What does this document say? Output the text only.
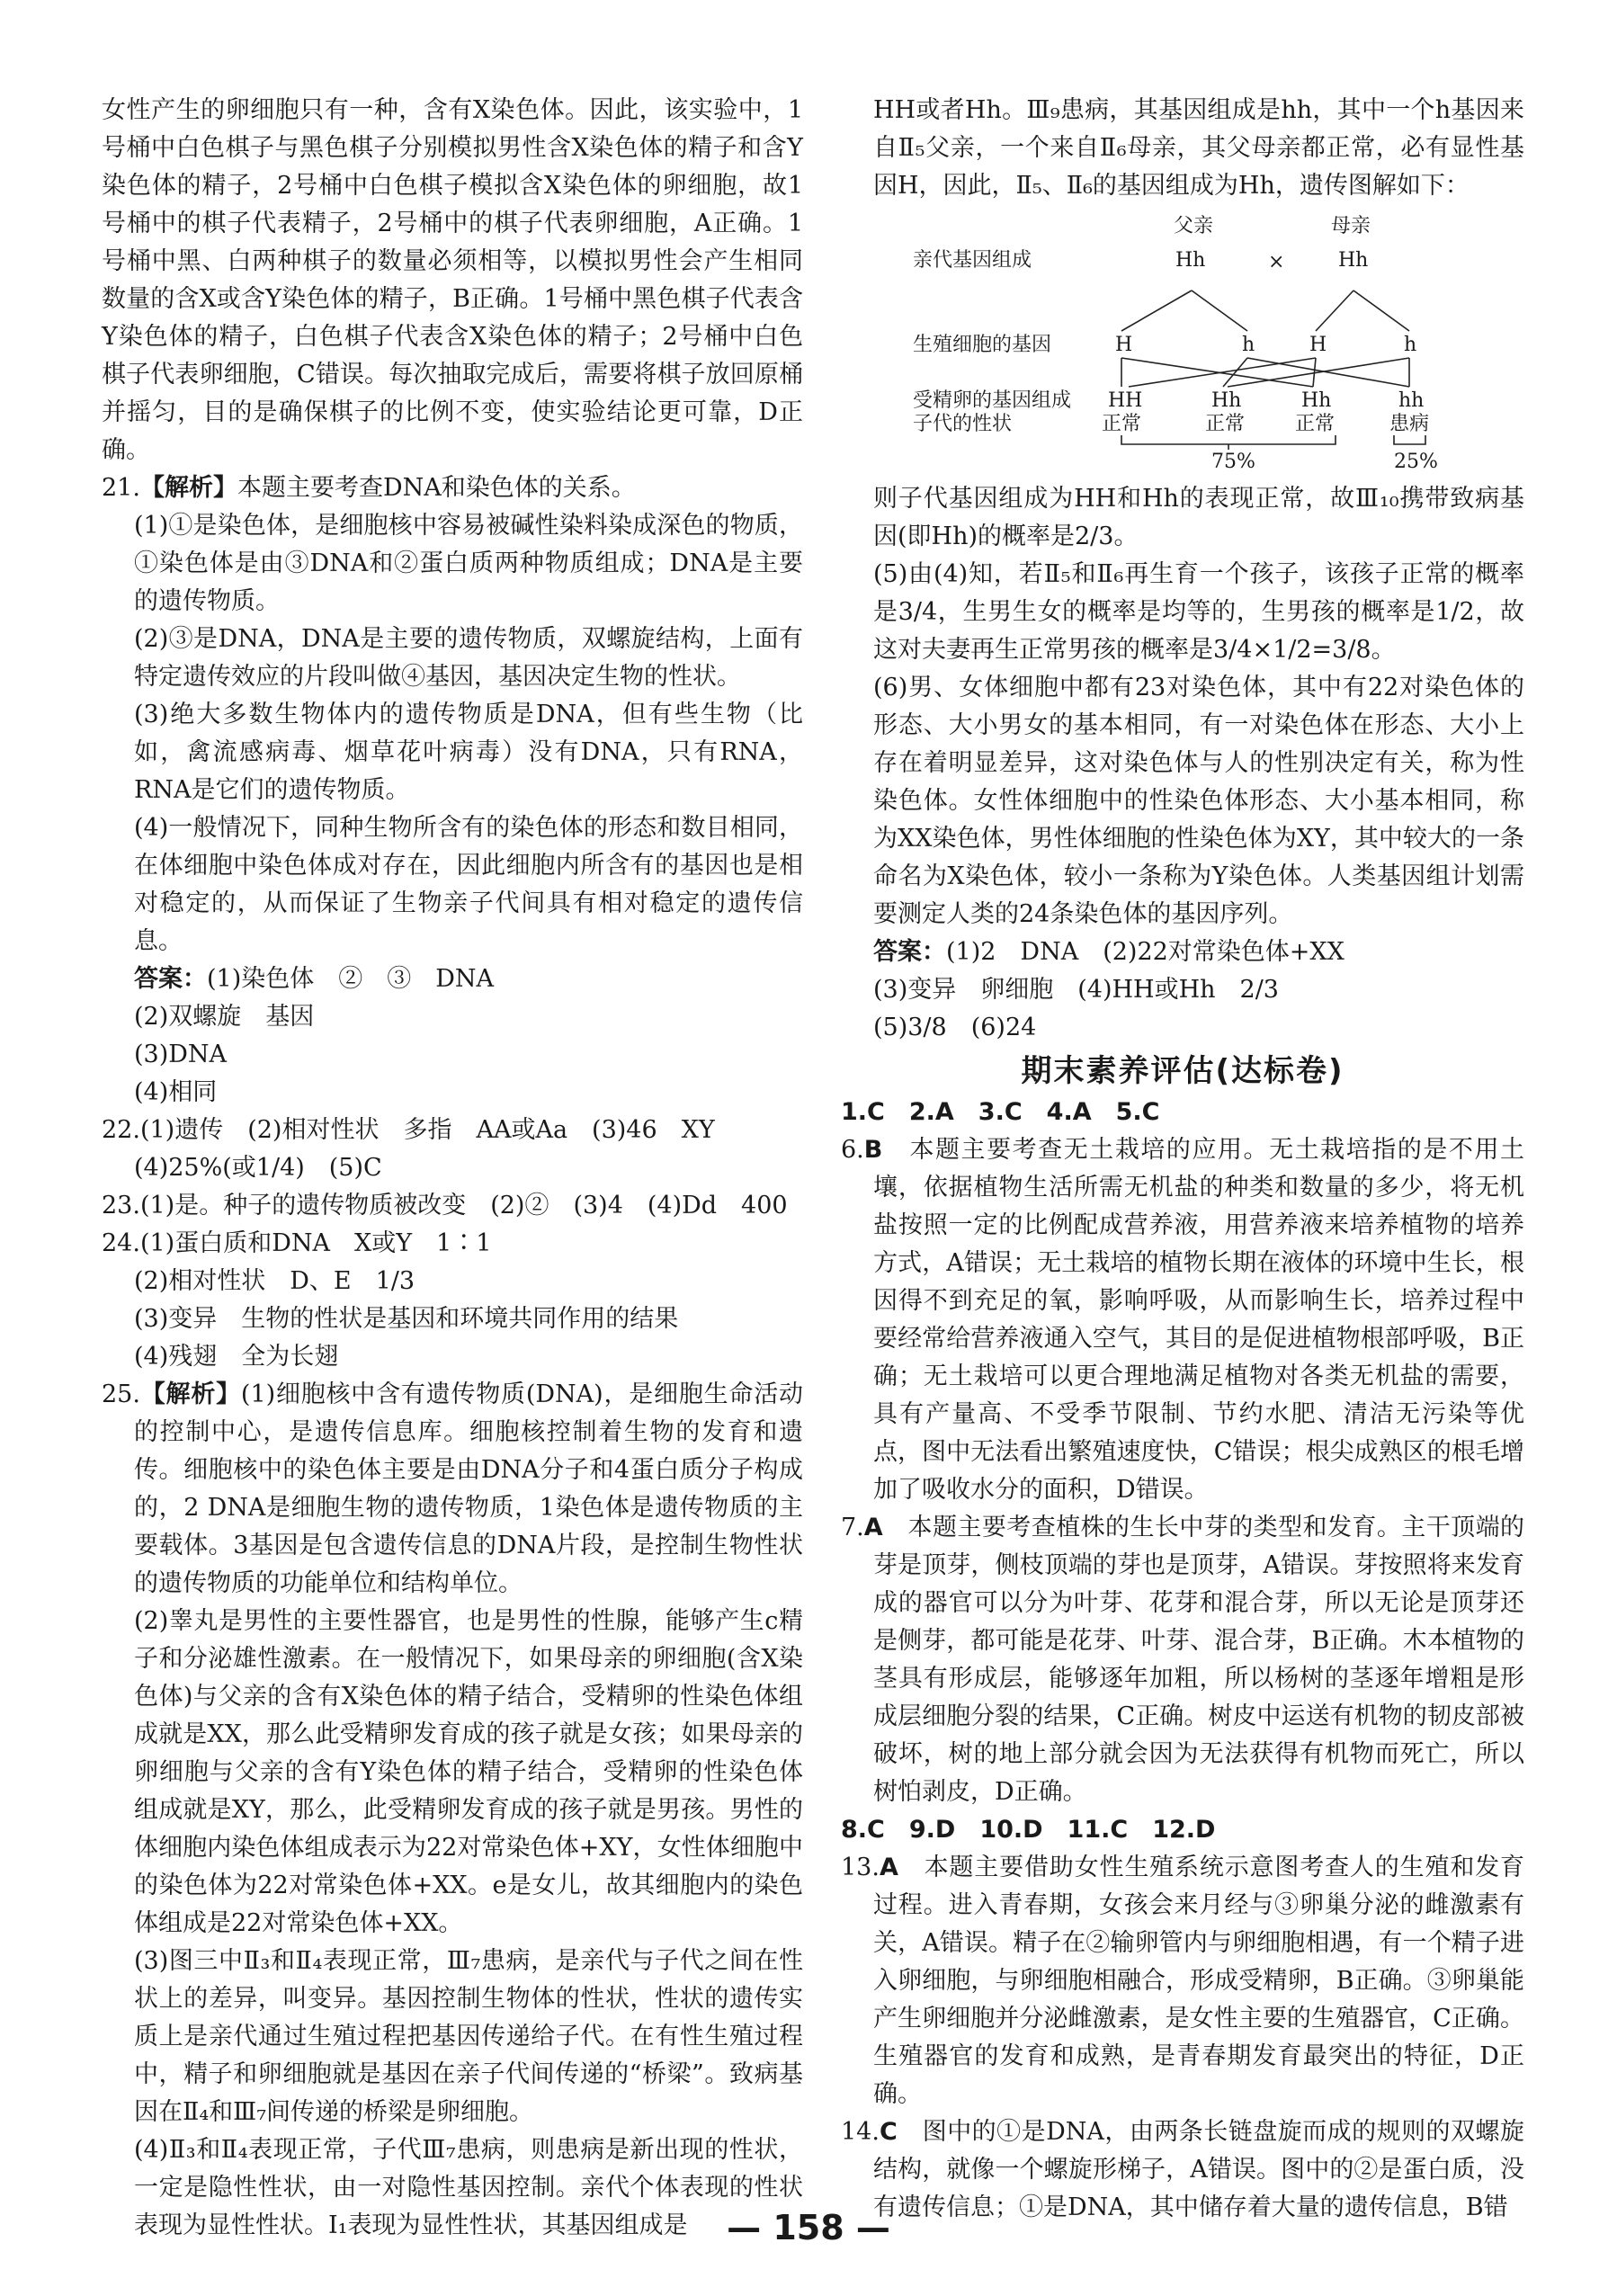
女性产生的卵细胞只有一种，含有X染色体。因此，该实验中，1号桶中白色棋子与黑色棋子分别模拟男性含X染色体的精子和含Y染色体的精子，2号桶中白色棋子模拟含X染色体的卵细胞，故1号桶中的棋子代表精子，2号桶中的棋子代表卵细胞，A正确。1号桶中黑、白两种棋子的数量必须相等，以模拟男性会产生相同数量的含X或含Y染色体的精子，B正确。1号桶中黑色棋子代表含Y染色体的精子，白色棋子代表含X染色体的精子；2号桶中白色棋子代表卵细胞，C错误。每次抽取完成后，需要将棋子放回原桶并摇匀，目的是确保棋子的比例不变，使实验结论更可靠，D正确。

21.【解析】本题主要考查DNA和染色体的关系。

(1)①是染色体，是细胞核中容易被碱性染料染成深色的物质，①染色体是由③DNA和②蛋白质两种物质组成；DNA是主要的遗传物质。

(2)③是DNA，DNA是主要的遗传物质，双螺旋结构，上面有特定遗传效应的片段叫做④基因，基因决定生物的性状。

(3)绝大多数生物体内的遗传物质是DNA，但有些生物（比如，禽流感病毒、烟草花叶病毒）没有DNA，只有RNA，RNA是它们的遗传物质。

(4)一般情况下，同种生物所含有的染色体的形态和数目相同，在体细胞中染色体成对存在，因此细胞内所含有的基因也是相对稳定的，从而保证了生物亲子代间具有相对稳定的遗传信息。

答案：(1)染色体　②　③　DNA

(2)双螺旋　基因

(3)DNA

(4)相同

22.(1)遗传　(2)相对性状　多指　AA或Aa　(3)46　XY

(4)25%(或1/4)　(5)C

23.(1)是。种子的遗传物质被改变　(2)②　(3)4　(4)Dd　400

24.(1)蛋白质和DNA　X或Y　1∶1

(2)相对性状　D、E　1/3

(3)变异　生物的性状是基因和环境共同作用的结果

(4)残翅　全为长翅

25.【解析】(1)细胞核中含有遗传物质(DNA)，是细胞生命活动的控制中心，是遗传信息库。细胞核控制着生物的发育和遗传。细胞核中的染色体主要是由DNA分子和4蛋白质分子构成的，2 DNA是细胞生物的遗传物质，1染色体是遗传物质的主要载体。3基因是包含遗传信息的DNA片段，是控制生物性状的遗传物质的功能单位和结构单位。

(2)睾丸是男性的主要性器官，也是男性的性腺，能够产生c精子和分泌雄性激素。在一般情况下，如果母亲的卵细胞(含X染色体)与父亲的含有X染色体的精子结合，受精卵的性染色体组成就是XX，那么此受精卵发育成的孩子就是女孩；如果母亲的卵细胞与父亲的含有Y染色体的精子结合，受精卵的性染色体组成就是XY，那么，此受精卵发育成的孩子就是男孩。男性的体细胞内染色体组成表示为22对常染色体+XY，女性体细胞中的染色体为22对常染色体+XX。e是女儿，故其细胞内的染色体组成是22对常染色体+XX。

(3)图三中Ⅱ₃和Ⅱ₄表现正常，Ⅲ₇患病，是亲代与子代之间在性状上的差异，叫变异。基因控制生物体的性状，性状的遗传实质上是亲代通过生殖过程把基因传递给子代。在有性生殖过程中，精子和卵细胞就是基因在亲子代间传递的“桥梁”。致病基因在Ⅱ₄和Ⅲ₇间传递的桥梁是卵细胞。

(4)Ⅱ₃和Ⅱ₄表现正常，子代Ⅲ₇患病，则患病是新出现的性状，一定是隐性性状，由一对隐性基因控制。亲代个体表现的性状表现为显性性状。Ⅰ₁表现为显性性状，其基因组成是

HH或者Hh。Ⅲ₉患病，其基因组成是hh，其中一个h基因来自Ⅱ₅父亲，一个来自Ⅱ₆母亲，其父母亲都正常，必有显性基因H，因此，Ⅱ₅、Ⅱ₆的基因组成为Hh，遗传图解如下：

父亲	母亲
亲代基因组成	Hh	×	Hh
生殖细胞的基因	H	h	H	h
受精卵的基因组成 HH	Hh	Hh	hh
子代的性状	正常	正常	正常	患病
75%	25%

则子代基因组成为HH和Hh的表现正常，故Ⅲ₁₀携带致病基因(即Hh)的概率是2/3。

(5)由(4)知，若Ⅱ₅和Ⅱ₆再生育一个孩子，该孩子正常的概率是3/4，生男生女的概率是均等的，生男孩的概率是1/2，故这对夫妻再生正常男孩的概率是3/4×1/2=3/8。

(6)男、女体细胞中都有23对染色体，其中有22对染色体的形态、大小男女的基本相同，有一对染色体在形态、大小上存在着明显差异，这对染色体与人的性别决定有关，称为性染色体。女性体细胞中的性染色体形态、大小基本相同，称为XX染色体，男性体细胞的性染色体为XY，其中较大的一条命名为X染色体，较小一条称为Y染色体。人类基因组计划需要测定人类的24条染色体的基因序列。

答案：(1)2　DNA　(2)22对常染色体+XX

(3)变异　卵细胞　(4)HH或Hh　2/3

(5)3/8　(6)24

期末素养评估(达标卷)

1.C　2.A　3.C　4.A　5.C

6.B　 本题主要考查无土栽培的应用。无土栽培指的是不用土壤，依据植物生活所需无机盐的种类和数量的多少，将无机盐按照一定的比例配成营养液，用营养液来培养植物的培养方式，A错误；无土栽培的植物长期在液体的环境中生长，根因得不到充足的氧，影响呼吸，从而影响生长，培养过程中要经常给营养液通入空气，其目的是促进植物根部呼吸，B正确；无土栽培可以更合理地满足植物对各类无机盐的需要，具有产量高、不受季节限制、节约水肥、清洁无污染等优点，图中无法看出繁殖速度快，C错误；根尖成熟区的根毛增加了吸收水分的面积，D错误。

7.A　 本题主要考查植株的生长中芽的类型和发育。主干顶端的芽是顶芽，侧枝顶端的芽也是顶芽，A错误。芽按照将来发育成的器官可以分为叶芽、花芽和混合芽，所以无论是顶芽还是侧芽，都可能是花芽、叶芽、混合芽，B正确。木本植物的茎具有形成层，能够逐年加粗，所以杨树的茎逐年增粗是形成层细胞分裂的结果，C正确。树皮中运送有机物的韧皮部被破坏，树的地上部分就会因为无法获得有机物而死亡，所以树怕剥皮，D正确。

8.C　9.D　10.D　11.C　12.D

13.A　 本题主要借助女性生殖系统示意图考查人的生殖和发育过程。进入青春期，女孩会来月经与③卵巢分泌的雌激素有关，A错误。精子在②输卵管内与卵细胞相遇，有一个精子进入卵细胞，与卵细胞相融合，形成受精卵，B正确。③卵巢能产生卵细胞并分泌雌激素，是女性主要的生殖器官，C正确。生殖器官的发育和成熟，是青春期发育最突出的特征，D正确。

14.C　 图中的①是DNA，由两条长链盘旋而成的规则的双螺旋结构，就像一个螺旋形梯子，A错误。图中的②是蛋白质，没有遗传信息；①是DNA，其中储存着大量的遗传信息，B错

— 158 —
